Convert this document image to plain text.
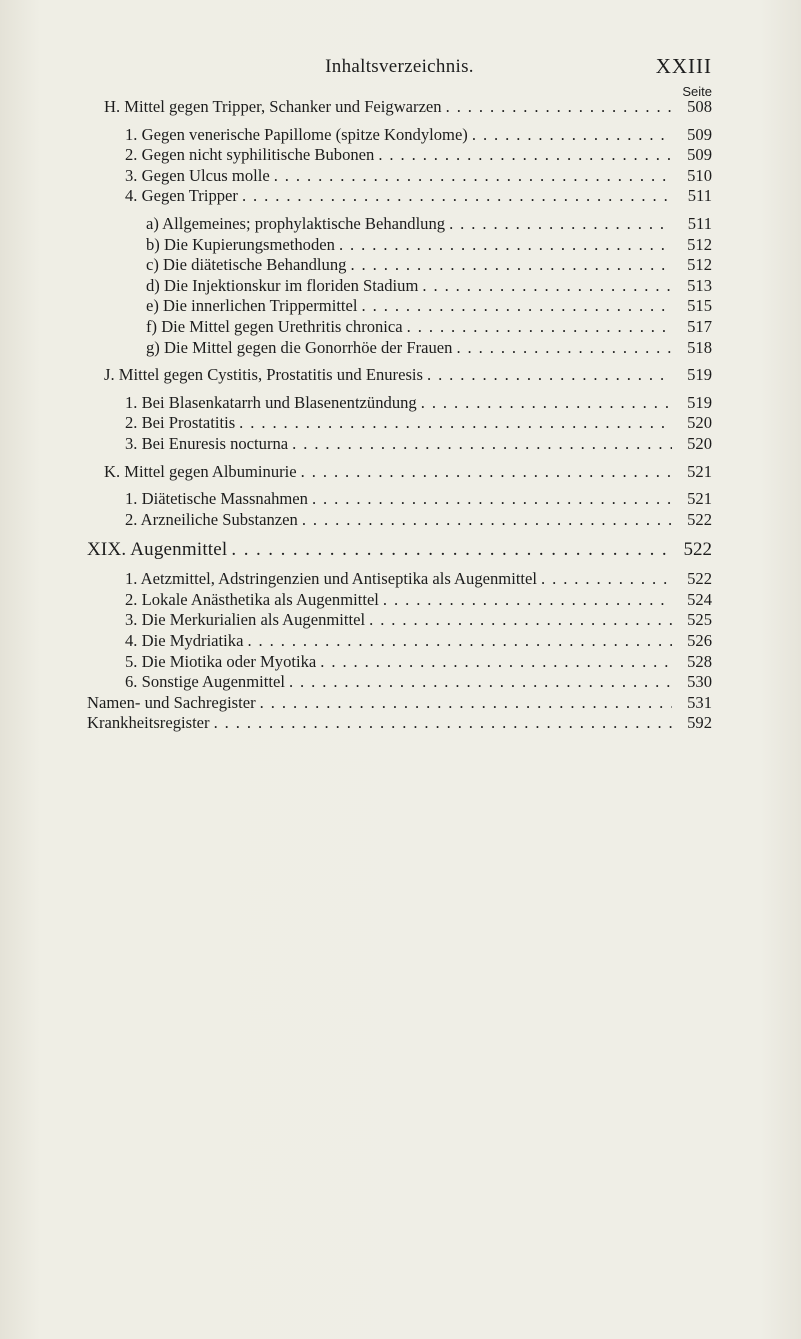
Inhaltsverzeichnis.	XXIII
Seite
H. Mittel gegen Tripper, Schanker und Feigwarzen . . .	508
1. Gegen venerische Papillome (spitze Kondylome) . . .	509
2. Gegen nicht syphilitische Bubonen . . .	509
3. Gegen Ulcus molle . . .	510
4. Gegen Tripper . . .	511
a) Allgemeines; prophylaktische Behandlung . . .	511
b) Die Kupierungsmethoden . . .	512
c) Die diätetische Behandlung . . .	512
d) Die Injektionskur im floriden Stadium . . .	513
e) Die innerlichen Trippermittel . . .	515
f) Die Mittel gegen Urethritis chronica . . .	517
g) Die Mittel gegen die Gonorrhöe der Frauen . . .	518
J. Mittel gegen Cystitis, Prostatitis und Enuresis . . .	519
1. Bei Blasenkatarrh und Blasenentzündung . . .	519
2. Bei Prostatitis . . .	520
3. Bei Enuresis nocturna . . .	520
K. Mittel gegen Albuminurie . . .	521
1. Diätetische Massnahmen . . .	521
2. Arzneiliche Substanzen . . .	522
XIX. Augenmittel . . .	522
1. Aetzmittel, Adstringenzien und Antiseptika als Augenmittel . . .	522
2. Lokale Anästhetika als Augenmittel . . .	524
3. Die Merkurialien als Augenmittel . . .	525
4. Die Mydriatika . . .	526
5. Die Miotika oder Myotika . . .	528
6. Sonstige Augenmittel . . .	530
Namen- und Sachregister . . .	531
Krankheitsregister . . .	592
